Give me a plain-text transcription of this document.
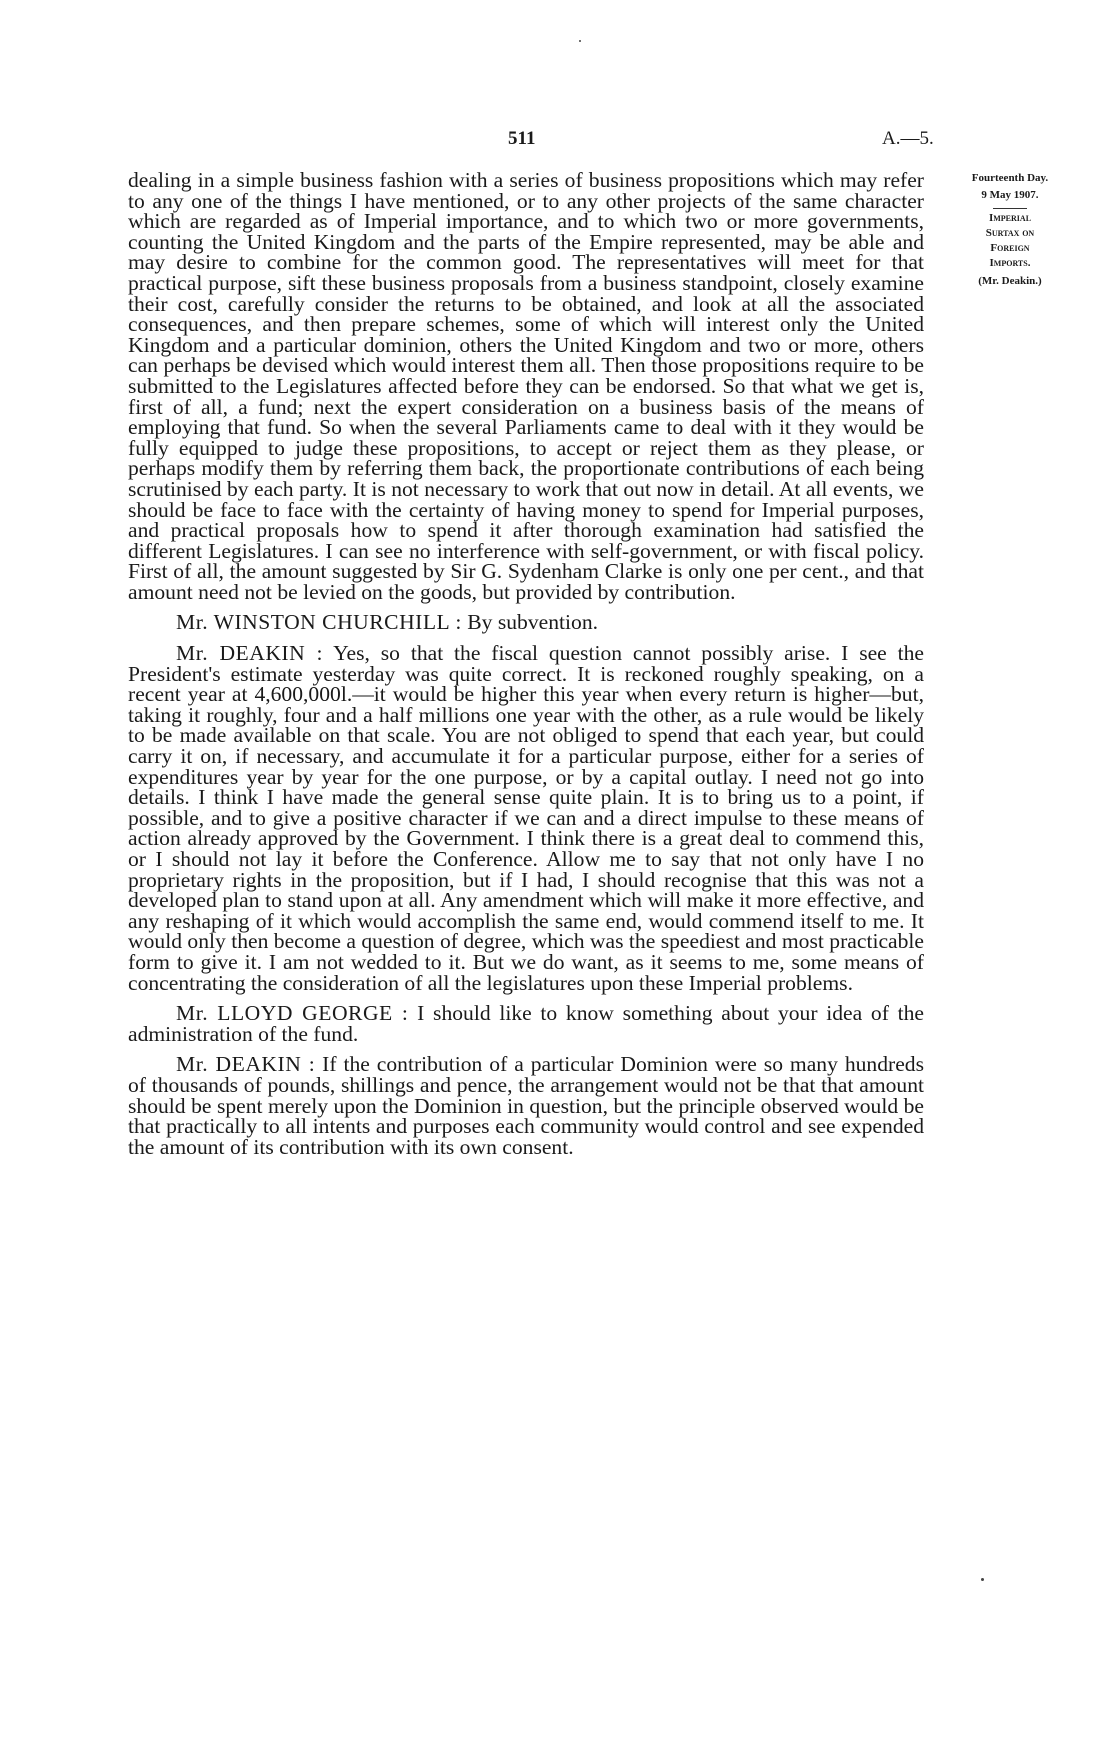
511	A.—5.

dealing in a simple business fashion with a series of business propositions which may refer to any one of the things I have mentioned, or to any other projects of the same character which are regarded as of Imperial importance, and to which two or more governments, counting the United Kingdom and the parts of the Empire represented, may be able and may desire to combine for the common good. The representatives will meet for that practical purpose, sift these business proposals from a business standpoint, closely examine their cost, carefully consider the returns to be obtained, and look at all the associated consequences, and then prepare schemes, some of which will interest only the United Kingdom and a particular dominion, others the United Kingdom and two or more, others can perhaps be devised which would interest them all. Then those propositions require to be submitted to the Legislatures affected before they can be endorsed. So that what we get is, first of all, a fund; next the expert consideration on a business basis of the means of employing that fund. So when the several Parliaments came to deal with it they would be fully equipped to judge these propositions, to accept or reject them as they please, or perhaps modify them by referring them back, the proportionate contributions of each being scrutinised by each party. It is not necessary to work that out now in detail. At all events, we should be face to face with the certainty of having money to spend for Imperial purposes, and practical proposals how to spend it after thorough examination had satisfied the different Legislatures. I can see no interference with self-government, or with fiscal policy. First of all, the amount suggested by Sir G. Sydenham Clarke is only one per cent., and that amount need not be levied on the goods, but provided by contribution.

Mr. WINSTON CHURCHILL : By subvention.

Mr. DEAKIN : Yes, so that the fiscal question cannot possibly arise. I see the President's estimate yesterday was quite correct. It is reckoned roughly speaking, on a recent year at 4,600,000l.—it would be higher this year when every return is higher—but, taking it roughly, four and a half millions one year with the other, as a rule would be likely to be made available on that scale. You are not obliged to spend that each year, but could carry it on, if necessary, and accumulate it for a particular purpose, either for a series of expenditures year by year for the one purpose, or by a capital outlay. I need not go into details. I think I have made the general sense quite plain. It is to bring us to a point, if possible, and to give a positive character if we can and a direct impulse to these means of action already approved by the Government. I think there is a great deal to commend this, or I should not lay it before the Conference. Allow me to say that not only have I no proprietary rights in the proposition, but if I had, I should recognise that this was not a developed plan to stand upon at all. Any amendment which will make it more effective, and any reshaping of it which would accomplish the same end, would commend itself to me. It would only then become a question of degree, which was the speediest and most practicable form to give it. I am not wedded to it. But we do want, as it seems to me, some means of concentrating the consideration of all the legislatures upon these Imperial problems.

Mr. LLOYD GEORGE : I should like to know something about your idea of the administration of the fund.

Mr. DEAKIN : If the contribution of a particular Dominion were so many hundreds of thousands of pounds, shillings and pence, the arrangement would not be that that amount should be spent merely upon the Dominion in question, but the principle observed would be that practically to all intents and purposes each community would control and see expended the amount of its contribution with its own consent.

Fourteenth Day.
9 May 1907.
Imperial
Surtax on
Foreign
Imports.
(Mr. Deakin.)
